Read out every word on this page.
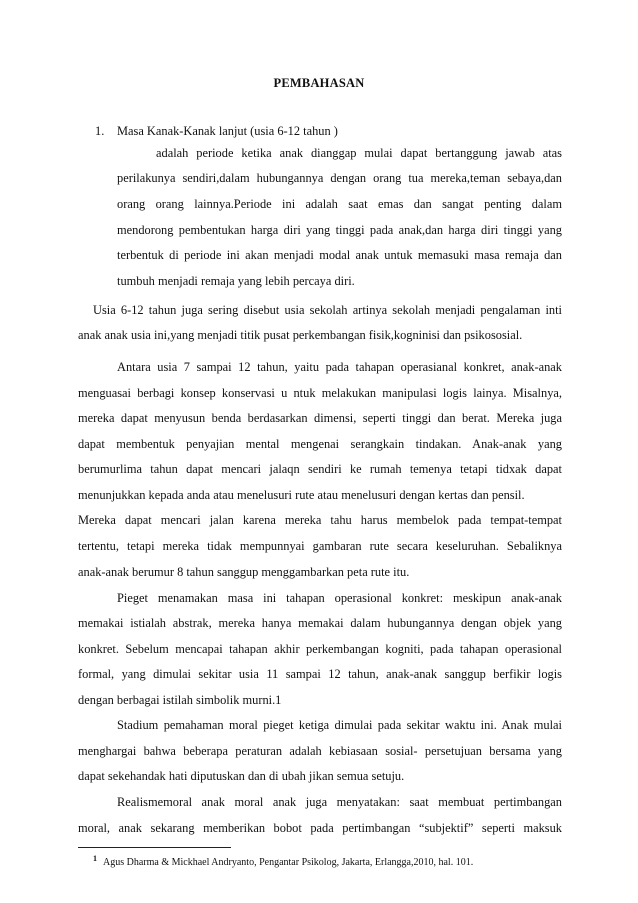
PEMBAHASAN
1. Masa Kanak-Kanak lanjut (usia 6-12 tahun )
adalah periode ketika anak dianggap mulai dapat bertanggung jawab atas
perilakunya sendiri,dalam hubungannya dengan orang tua mereka,teman sebaya,dan
orang orang lainnya.Periode ini adalah saat emas dan sangat penting dalam
mendorong pembentukan harga diri yang tinggi pada anak,dan harga diri tinggi yang
terbentuk di periode ini akan menjadi modal anak untuk memasuki masa remaja dan
tumbuh menjadi remaja yang lebih percaya diri.
Usia 6-12 tahun juga sering disebut usia sekolah artinya sekolah menjadi pengalaman inti
anak anak usia ini,yang menjadi titik pusat perkembangan fisik,kogninisi dan psikososial.
Antara usia 7 sampai 12 tahun, yaitu pada tahapan operasianal konkret, anak-anak
menguasai berbagi konsep konservasi u ntuk melakukan manipulasi logis lainya. Misalnya,
mereka dapat menyusun benda berdasarkan dimensi, seperti tinggi dan berat. Mereka juga
dapat membentuk penyajian mental mengenai serangkain tindakan. Anak-anak yang
berumurlima tahun dapat mencari jalaqn sendiri ke rumah temenya tetapi tidxak dapat
menunjukkan kepada anda atau menelusuri rute atau menelusuri dengan kertas dan pensil.
Mereka dapat mencari jalan karena mereka tahu harus membelok pada tempat-tempat
tertentu, tetapi mereka tidak mempunnyai gambaran rute secara keseluruhan. Sebaliknya
anak-anak berumur 8 tahun sanggup menggambarkan peta rute itu.
Pieget menamakan masa ini tahapan operasional konkret: meskipun anak-anak
memakai istialah abstrak, mereka hanya memakai dalam hubungannya dengan objek yang
konkret. Sebelum mencapai tahapan akhir perkembangan kogniti, pada tahapan operasional
formal, yang dimulai sekitar usia 11 sampai 12 tahun, anak-anak sanggup berfikir logis
dengan berbagai istilah simbolik murni.1
Stadium pemahaman moral pieget ketiga dimulai pada sekitar waktu ini. Anak mulai
menghargai bahwa beberapa peraturan adalah kebiasaan sosial- persetujuan bersama yang
dapat sekehandak hati diputuskan dan di ubah jikan semua setuju.
Realismemoral anak moral anak juga menyatakan: saat membuat pertimbangan
moral, anak sekarang memberikan bobot pada pertimbangan “subjektif” seperti maksuk
$^1$ Agus Dharma & Mickhael Andryanto, Pengantar Psikolog, Jakarta, Erlangga,2010, hal. 101.
